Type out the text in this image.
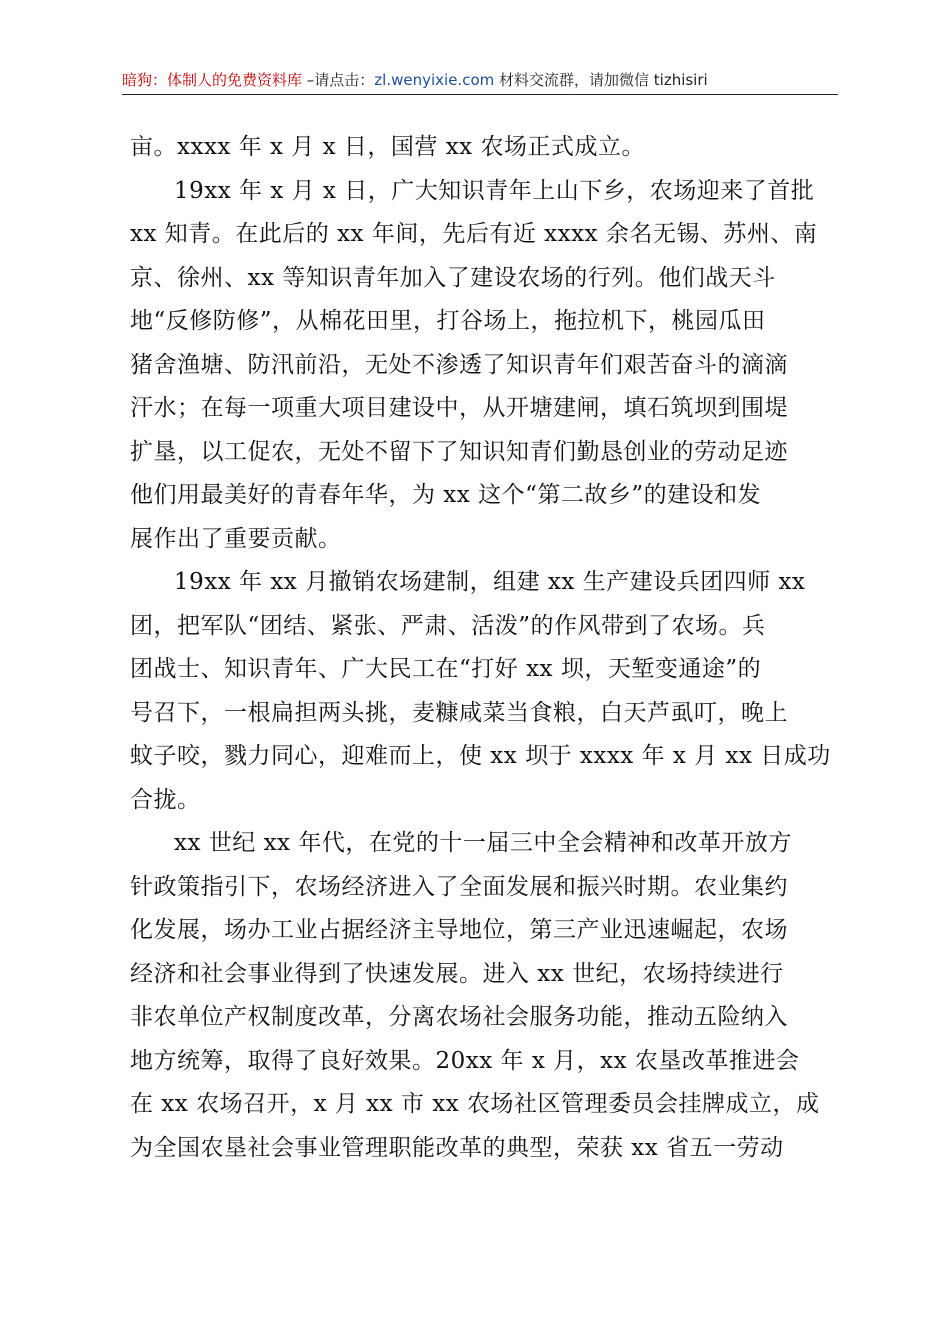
暗狗：体制人的免费资料库 –请点击：zl.wenyixie.com 材料交流群，请加微信 tizhisiri
亩。xxxx 年 x 月 x 日，国营 xx 农场正式成立。
19xx 年 x 月 x 日，广大知识青年上山下乡，农场迎来了首批
xx 知青。在此后的 xx 年间，先后有近 xxxx 余名无锡、苏州、南
京、徐州、xx 等知识青年加入了建设农场的行列。他们战天斗
地“反修防修”，从棉花田里，打谷场上，拖拉机下，桃园瓜田
猪舍渔塘、防汛前沿，无处不渗透了知识青年们艰苦奋斗的滴滴
汗水；在每一项重大项目建设中，从开塘建闸，填石筑坝到围堤
扩垦，以工促农，无处不留下了知识知青们勤恳创业的劳动足迹
他们用最美好的青春年华，为 xx 这个“第二故乡”的建设和发
展作出了重要贡献。
19xx 年 xx 月撤销农场建制，组建 xx 生产建设兵团四师 xx
团，把军队“团结、紧张、严肃、活泼”的作风带到了农场。兵
团战士、知识青年、广大民工在“打好 xx 坝，天堑变通途”的
号召下，一根扁担两头挑，麦糠咸菜当食粮，白天芦虱叮，晚上
蚊子咬，戮力同心，迎难而上，使 xx 坝于 xxxx 年 x 月 xx 日成功
合拢。
xx 世纪 xx 年代，在党的十一届三中全会精神和改革开放方
针政策指引下，农场经济进入了全面发展和振兴时期。农业集约
化发展，场办工业占据经济主导地位，第三产业迅速崛起，农场
经济和社会事业得到了快速发展。进入 xx 世纪，农场持续进行
非农单位产权制度改革，分离农场社会服务功能，推动五险纳入
地方统筹，取得了良好效果。20xx 年 x 月，xx 农垦改革推进会
在 xx 农场召开，x 月 xx 市 xx 农场社区管理委员会挂牌成立，成
为全国农垦社会事业管理职能改革的典型，荣获 xx 省五一劳动
